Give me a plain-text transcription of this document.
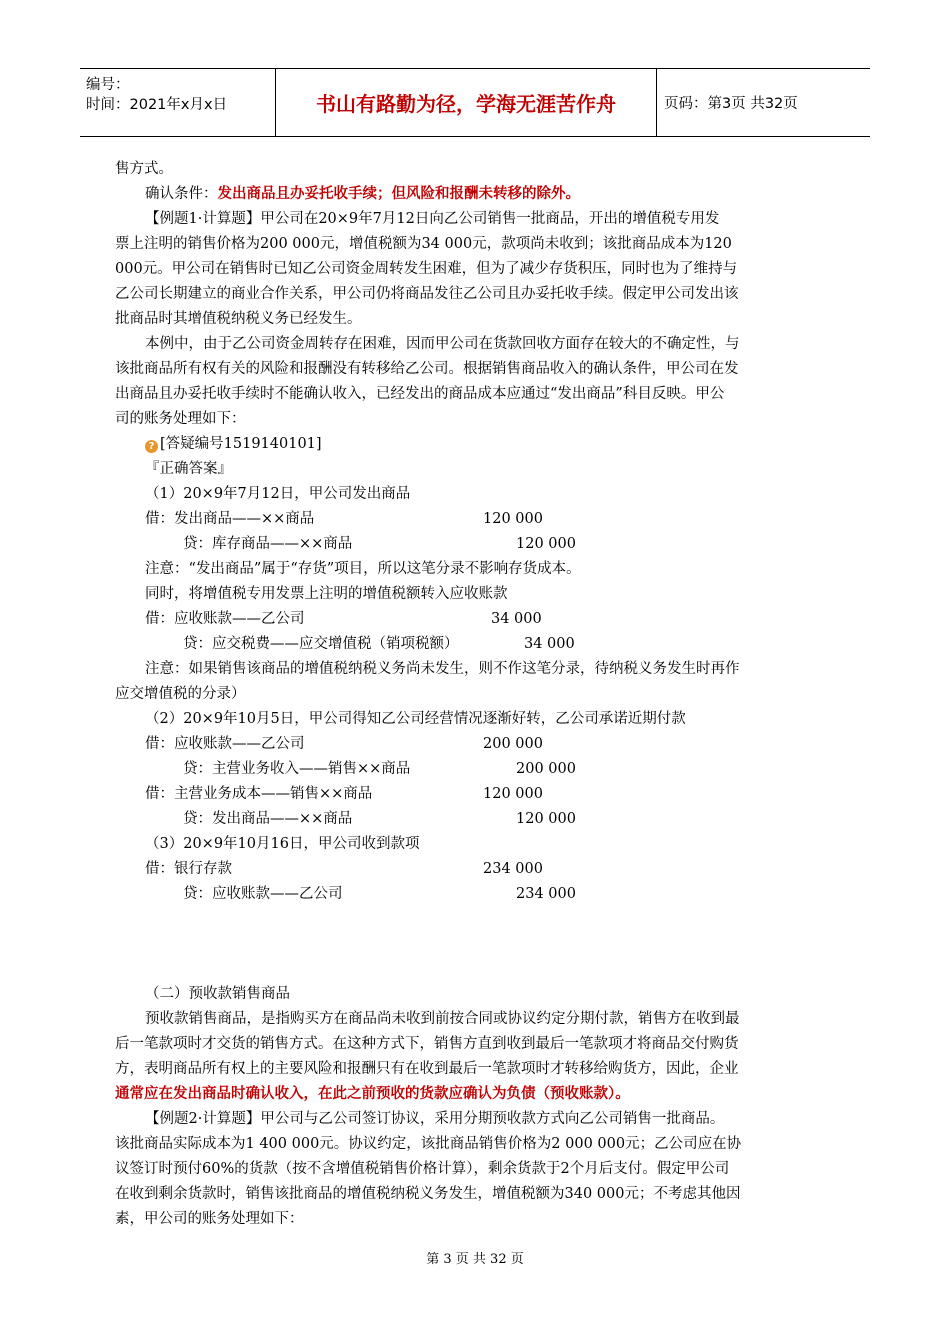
编号：
时间：2021年x月x日	书山有路勤为径，学海无涯苦作舟	页码：第3页 共32页
售方式。
确认条件：发出商品且办妥托收手续；但风险和报酬未转移的除外。
【例题1·计算题】甲公司在20×9年7月12日向乙公司销售一批商品，开出的增值税专用发
票上注明的销售价格为200 000元，增值税额为34 000元，款项尚未收到；该批商品成本为120
000元。甲公司在销售时已知乙公司资金周转发生困难，但为了减少存货积压，同时也为了维持与
乙公司长期建立的商业合作关系，甲公司仍将商品发往乙公司且办妥托收手续。假定甲公司发出该
批商品时其增值税纳税义务已经发生。
本例中，由于乙公司资金周转存在困难，因而甲公司在货款回收方面存在较大的不确定性，与
该批商品所有权有关的风险和报酬没有转移给乙公司。根据销售商品收入的确认条件，甲公司在发
出商品且办妥托收手续时不能确认收入，已经发出的商品成本应通过“发出商品”科目反映。甲公
司的账务处理如下：
? [答疑编号1519140101]
『正确答案』
（1）20×9年7月12日，甲公司发出商品
借：发出商品——××商品	120 000
贷：库存商品——××商品	120 000
注意：“发出商品”属于“存货”项目，所以这笔分录不影响存货成本。
同时，将增值税专用发票上注明的增值税额转入应收账款
借：应收账款——乙公司	34 000
贷：应交税费——应交增值税（销项税额）	34 000
注意：如果销售该商品的增值税纳税义务尚未发生，则不作这笔分录，待纳税义务发生时再作
应交增值税的分录）
（2）20×9年10月5日，甲公司得知乙公司经营情况逐渐好转，乙公司承诺近期付款
借：应收账款——乙公司	200 000
贷：主营业务收入——销售××商品	200 000
借：主营业务成本——销售××商品	120 000
贷：发出商品——××商品	120 000
（3）20×9年10月16日，甲公司收到款项
借：银行存款	234 000
贷：应收账款——乙公司	234 000
（二）预收款销售商品
预收款销售商品，是指购买方在商品尚未收到前按合同或协议约定分期付款，销售方在收到最
后一笔款项时才交货的销售方式。在这种方式下，销售方直到收到最后一笔款项才将商品交付购货
方，表明商品所有权上的主要风险和报酬只有在收到最后一笔款项时才转移给购货方，因此，企业
通常应在发出商品时确认收入，在此之前预收的货款应确认为负债（预收账款）。
【例题2·计算题】甲公司与乙公司签订协议，采用分期预收款方式向乙公司销售一批商品。
该批商品实际成本为1 400 000元。协议约定，该批商品销售价格为2 000 000元；乙公司应在协
议签订时预付60%的货款（按不含增值税销售价格计算），剩余货款于2个月后支付。假定甲公司
在收到剩余货款时，销售该批商品的增值税纳税义务发生，增值税额为340 000元；不考虑其他因
素，甲公司的账务处理如下：
第 3 页 共 32 页
